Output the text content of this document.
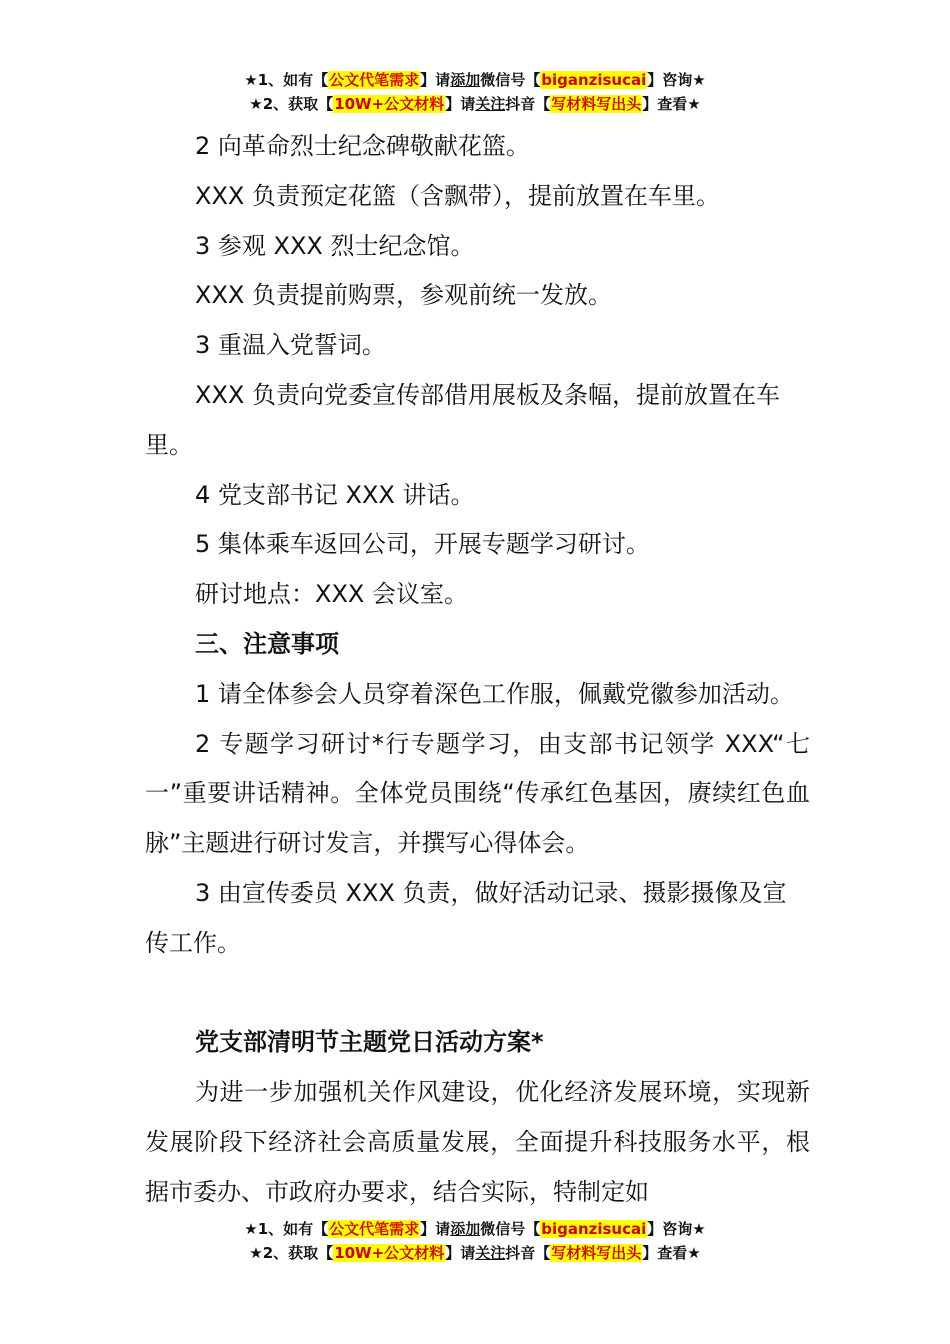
★1、如有【公文代笔需求】请添加微信号【biganzisucai】咨询★
★2、获取【10W+公文材料】请关注抖音【写材料写出头】查看★

2 向革命烈士纪念碑敬献花篮。

XXX 负责预定花篮（含飘带），提前放置在车里。

3 参观 XXX 烈士纪念馆。

XXX 负责提前购票，参观前统一发放。

3 重温入党誓词。

XXX 负责向党委宣传部借用展板及条幅，提前放置在车里。

4 党支部书记 XXX 讲话。

5 集体乘车返回公司，开展专题学习研讨。

研讨地点：XXX 会议室。

三、注意事项

1 请全体参会人员穿着深色工作服，佩戴党徽参加活动。

2 专题学习研讨*行专题学习，由支部书记领学 XXX“七一”重要讲话精神。全体党员围绕“传承红色基因，赓续红色血脉”主题进行研讨发言，并撰写心得体会。

3 由宣传委员 XXX 负责，做好活动记录、摄影摄像及宣传工作。

党支部清明节主题党日活动方案*

为进一步加强机关作风建设，优化经济发展环境，实现新发展阶段下经济社会高质量发展，全面提升科技服务水平，根据市委办、市政府办要求，结合实际，特制定如

★1、如有【公文代笔需求】请添加微信号【biganzisucai】咨询★
★2、获取【10W+公文材料】请关注抖音【写材料写出头】查看★
